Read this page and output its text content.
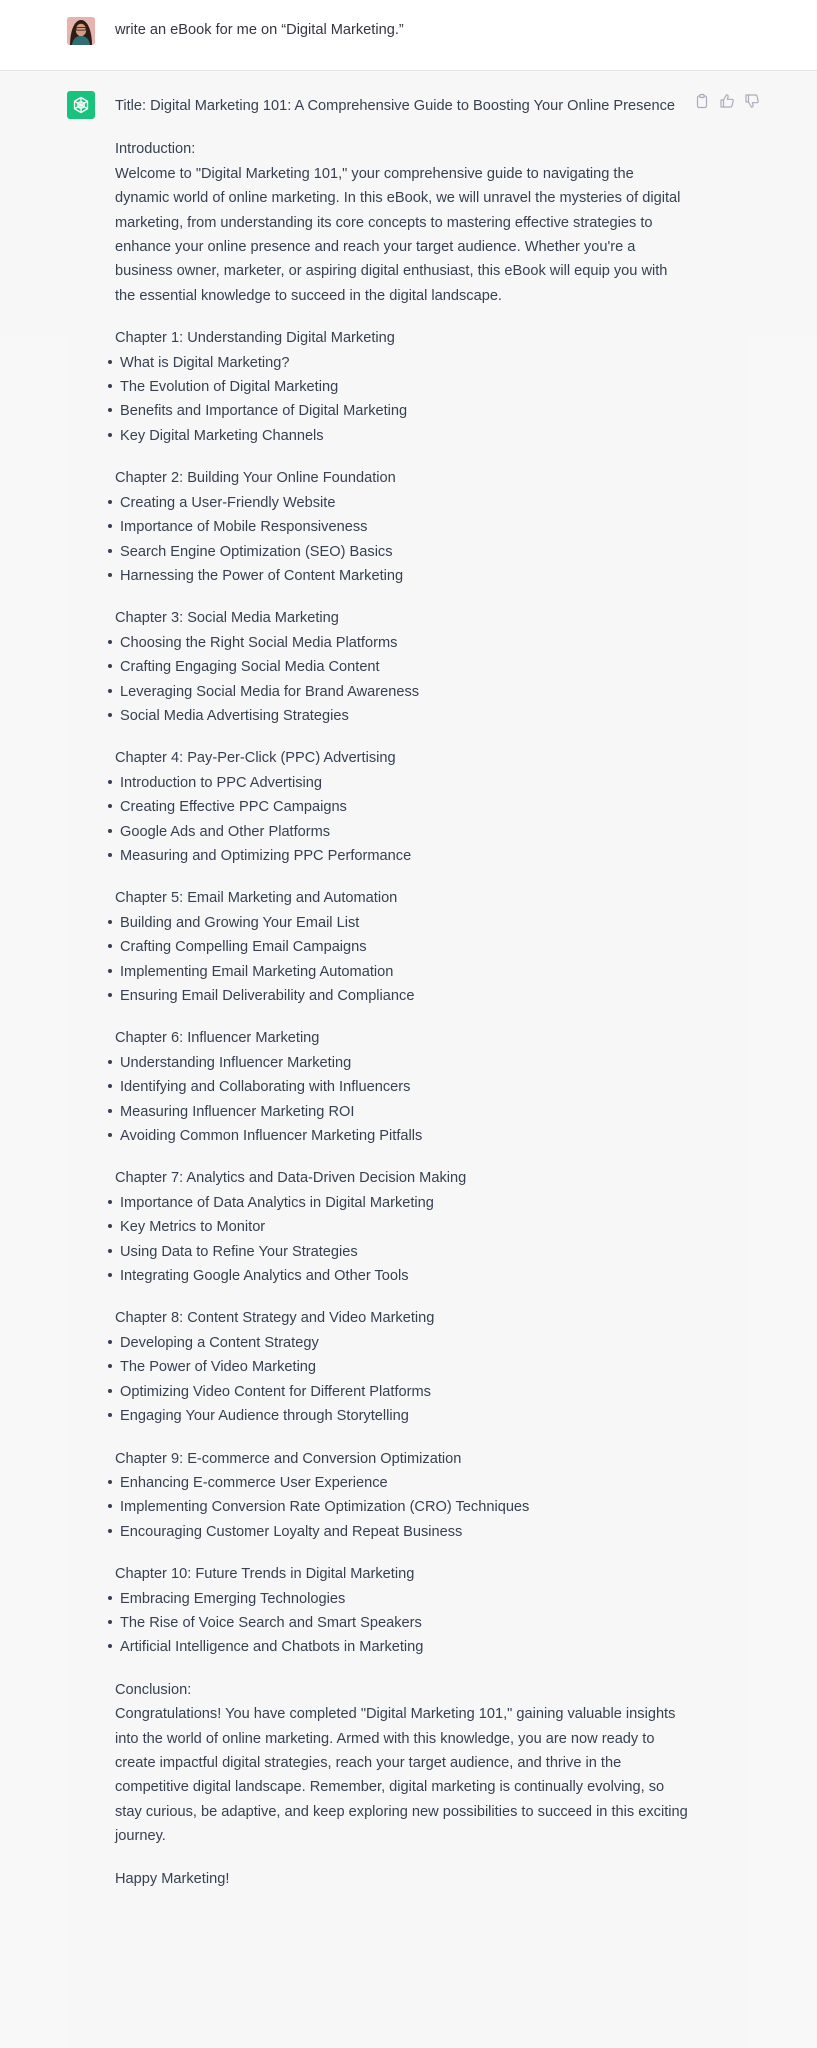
write an eBook for me on “Digital Marketing.”

Title: Digital Marketing 101: A Comprehensive Guide to Boosting Your Online Presence

Introduction:

Welcome to "Digital Marketing 101," your comprehensive guide to navigating the dynamic world of online marketing. In this eBook, we will unravel the mysteries of digital marketing, from understanding its core concepts to mastering effective strategies to enhance your online presence and reach your target audience. Whether you're a business owner, marketer, or aspiring digital enthusiast, this eBook will equip you with the essential knowledge to succeed in the digital landscape.

Chapter 1: Understanding Digital Marketing

What is Digital Marketing?
The Evolution of Digital Marketing
Benefits and Importance of Digital Marketing
Key Digital Marketing Channels

Chapter 2: Building Your Online Foundation

Creating a User-Friendly Website
Importance of Mobile Responsiveness
Search Engine Optimization (SEO) Basics
Harnessing the Power of Content Marketing

Chapter 3: Social Media Marketing

Choosing the Right Social Media Platforms
Crafting Engaging Social Media Content
Leveraging Social Media for Brand Awareness
Social Media Advertising Strategies

Chapter 4: Pay-Per-Click (PPC) Advertising

Introduction to PPC Advertising
Creating Effective PPC Campaigns
Google Ads and Other Platforms
Measuring and Optimizing PPC Performance

Chapter 5: Email Marketing and Automation

Building and Growing Your Email List
Crafting Compelling Email Campaigns
Implementing Email Marketing Automation
Ensuring Email Deliverability and Compliance

Chapter 6: Influencer Marketing

Understanding Influencer Marketing
Identifying and Collaborating with Influencers
Measuring Influencer Marketing ROI
Avoiding Common Influencer Marketing Pitfalls

Chapter 7: Analytics and Data-Driven Decision Making

Importance of Data Analytics in Digital Marketing
Key Metrics to Monitor
Using Data to Refine Your Strategies
Integrating Google Analytics and Other Tools

Chapter 8: Content Strategy and Video Marketing

Developing a Content Strategy
The Power of Video Marketing
Optimizing Video Content for Different Platforms
Engaging Your Audience through Storytelling

Chapter 9: E-commerce and Conversion Optimization

Enhancing E-commerce User Experience
Implementing Conversion Rate Optimization (CRO) Techniques
Encouraging Customer Loyalty and Repeat Business

Chapter 10: Future Trends in Digital Marketing

Embracing Emerging Technologies
The Rise of Voice Search and Smart Speakers
Artificial Intelligence and Chatbots in Marketing

Conclusion:

Congratulations! You have completed "Digital Marketing 101," gaining valuable insights into the world of online marketing. Armed with this knowledge, you are now ready to create impactful digital strategies, reach your target audience, and thrive in the competitive digital landscape. Remember, digital marketing is continually evolving, so stay curious, be adaptive, and keep exploring new possibilities to succeed in this exciting journey.

Happy Marketing!
